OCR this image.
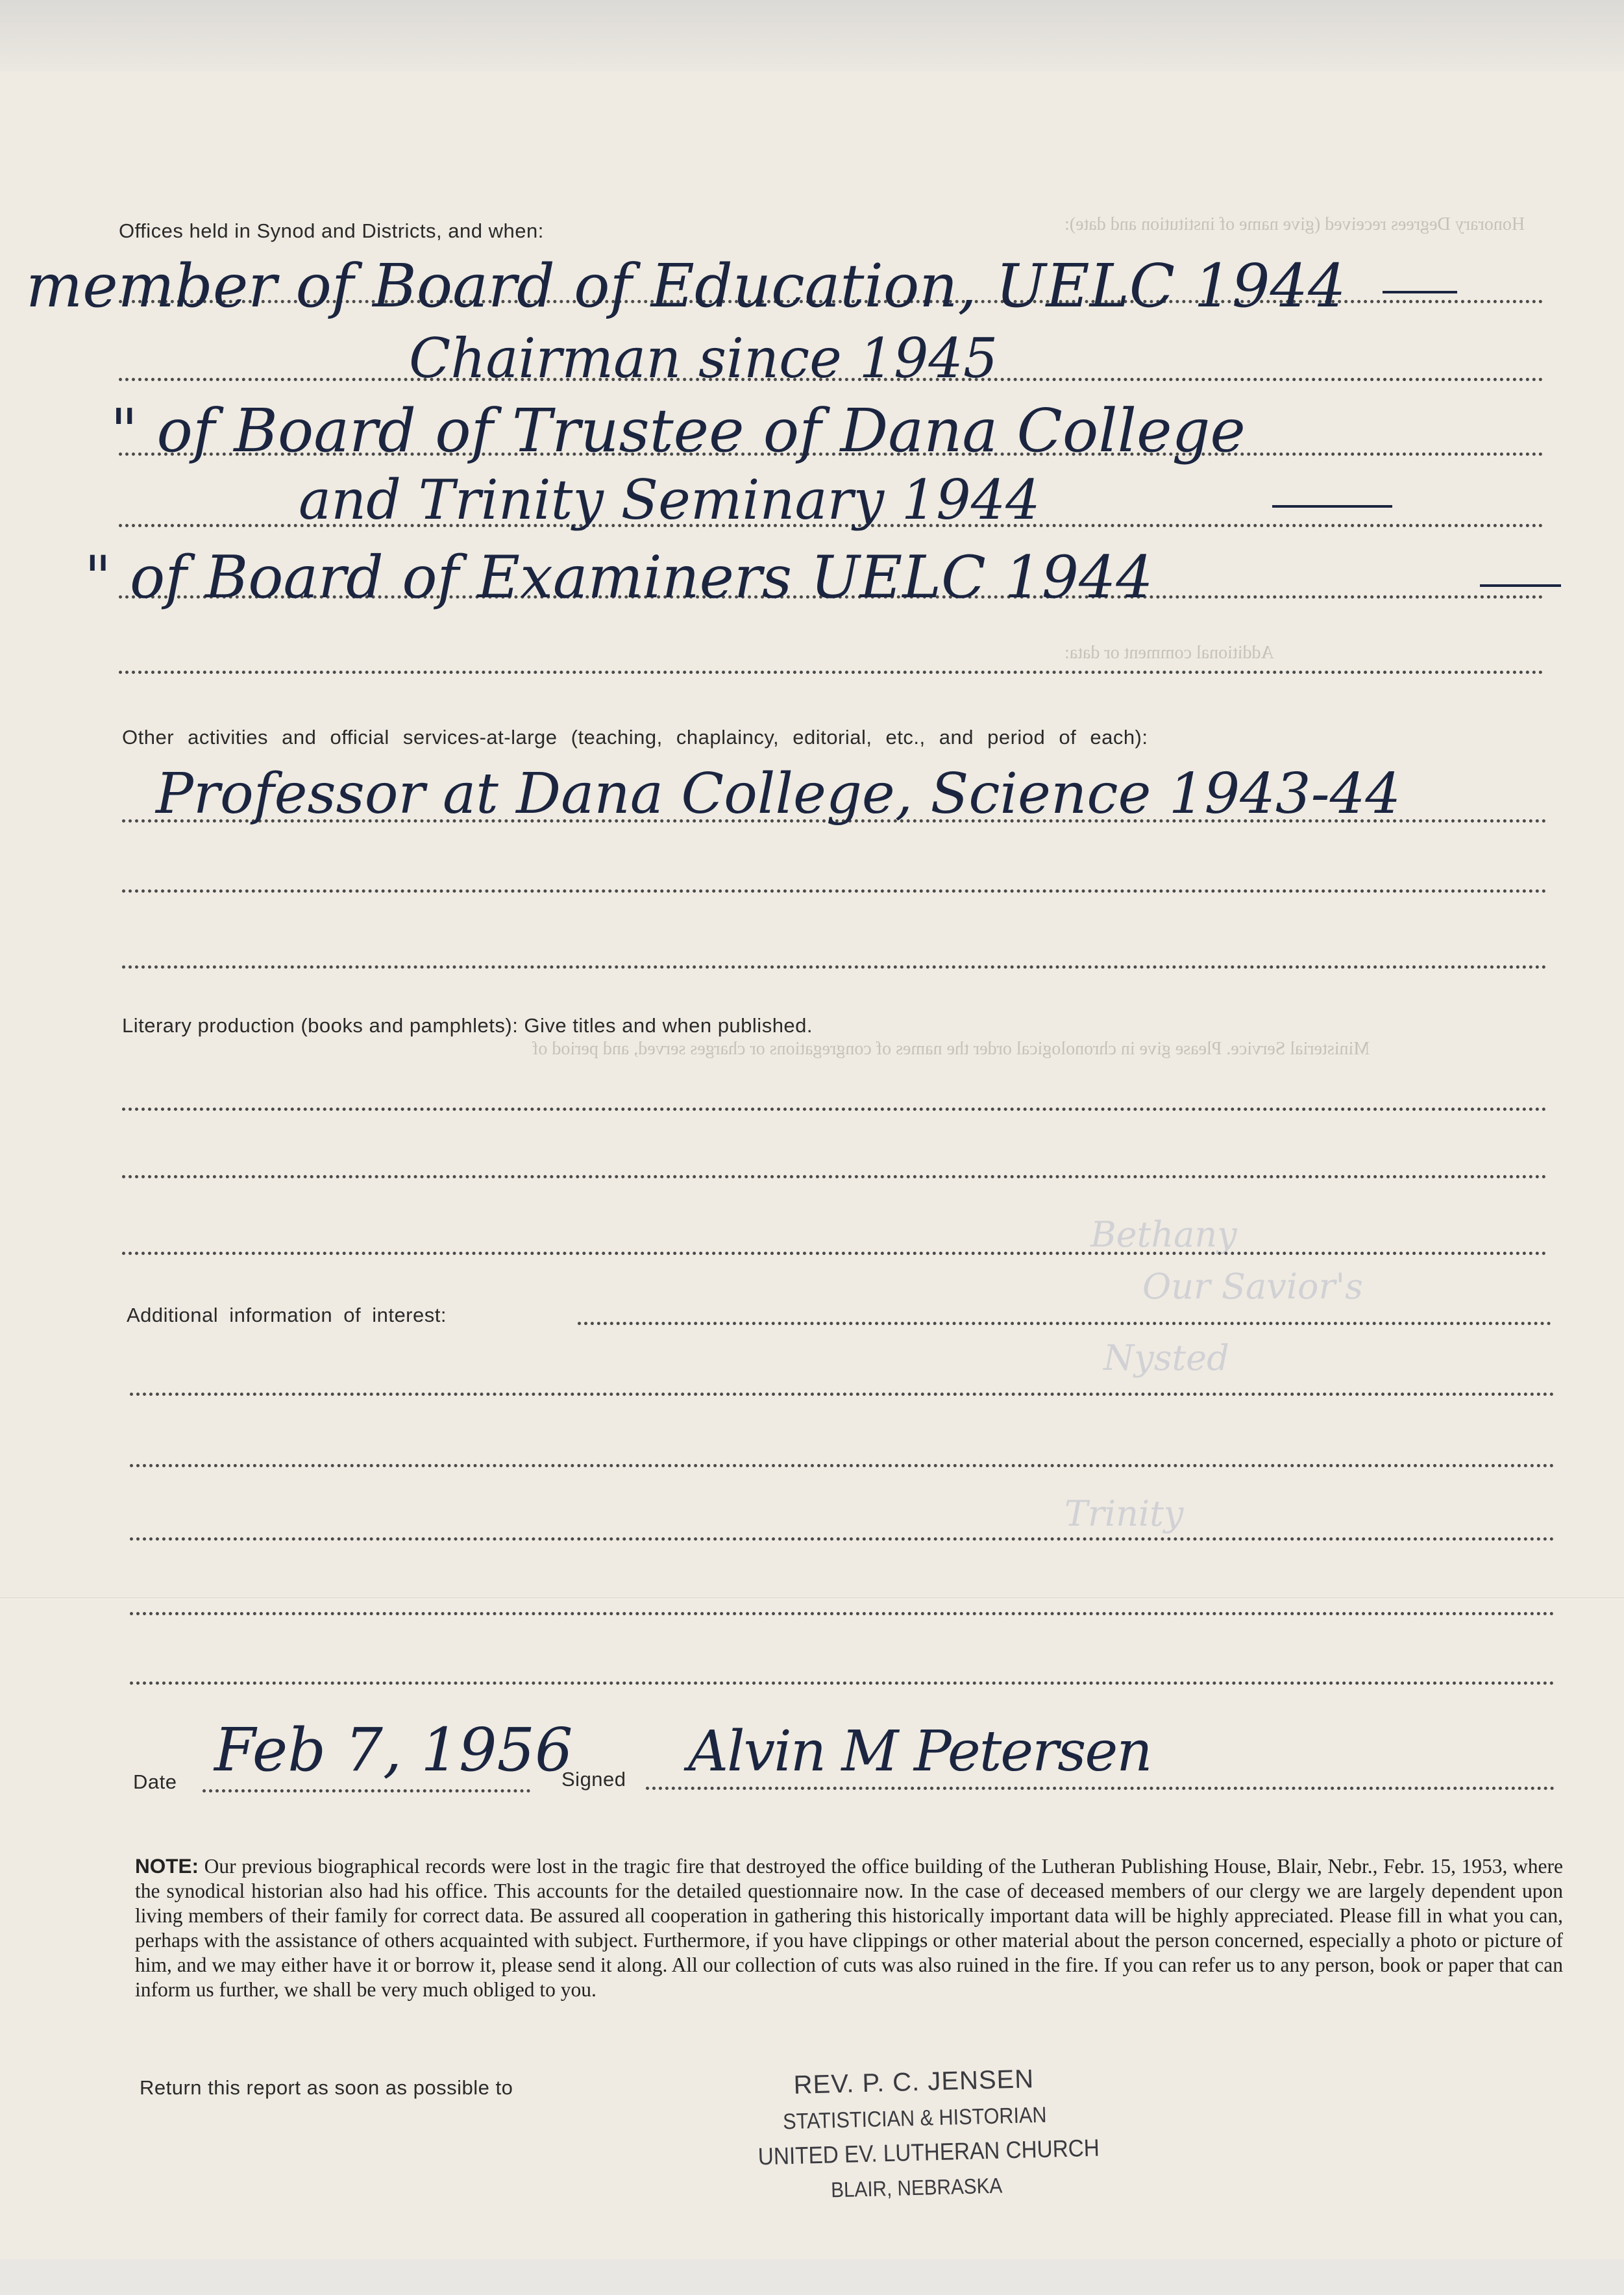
Honorary Degrees received (give name of institution and date):
Additional comment or data:
Ministerial Service. Please give in chronological order the names of congregations or charges served, and period of
Bethany
Our Savior's
Nysted
Trinity
Offices held in Synod and Districts, and when:
member of Board of Education, UELC 1944
Chairman since 1945
" of Board of Trustee of Dana College
and Trinity Seminary 1944
" of Board of Examiners UELC 1944
Other activities and official services-at-large (teaching, chaplaincy, editorial, etc., and period of each):
Professor at Dana College, Science 1943-44
Literary production (books and pamphlets): Give titles and when published.
Additional information of interest:
Date Feb 7, 1956
Signed Alvin M Petersen
NOTE: Our previous biographical records were lost in the tragic fire that destroyed the office building of the Lutheran Publishing House, Blair, Nebr., Febr. 15, 1953, where the synodical historian also had his office. This accounts for the detailed questionnaire now. In the case of deceased members of our clergy we are largely dependent upon living members of their family for correct data. Be assured all cooperation in gathering this historically important data will be highly appreciated. Please fill in what you can, perhaps with the assistance of others acquainted with subject. Furthermore, if you have clippings or other material about the person concerned, especially a photo or picture of him, and we may either have it or borrow it, please send it along. All our collection of cuts was also ruined in the fire. If you can refer us to any person, book or paper that can inform us further, we shall be very much obliged to you.
Return this report as soon as possible to	REV. P. C. JENSEN
STATISTICIAN & HISTORIAN
UNITED EV. LUTHERAN CHURCH
BLAIR, NEBRASKA
